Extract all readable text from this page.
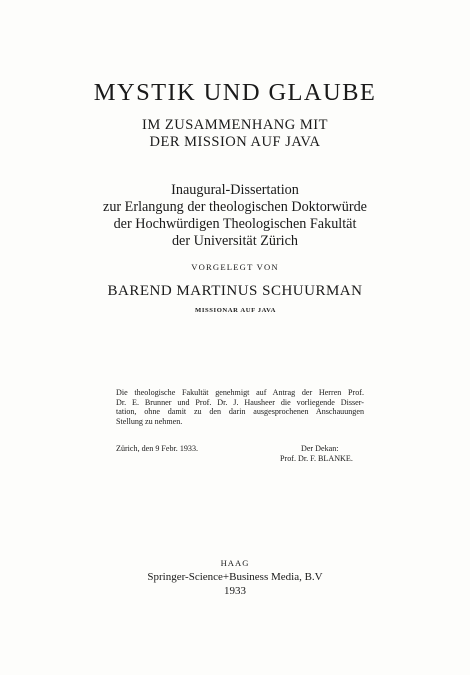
MYSTIK UND GLAUBE
IM ZUSAMMENHANG MIT
DER MISSION AUF JAVA
Inaugural-Dissertation
zur Erlangung der theologischen Doktorwürde
der Hochwürdigen Theologischen Fakultät
der Universität Zürich
VORGELEGT VON
BAREND MARTINUS SCHUURMAN
MISSIONAR AUF JAVA
Die theologische Fakultät genehmigt auf Antrag der Herren Prof.
Dr. E. Brunner und Prof. Dr. J. Hausheer die vorliegende Disser-
tation, ohne damit zu den darin ausgesprochenen Anschauungen
Stellung zu nehmen.
Zürich, den 9 Febr. 1933.	Der Dekan:
Prof. Dr. F. BLANKE.
HAAG
Springer-Science+Business Media, B.V
1933
